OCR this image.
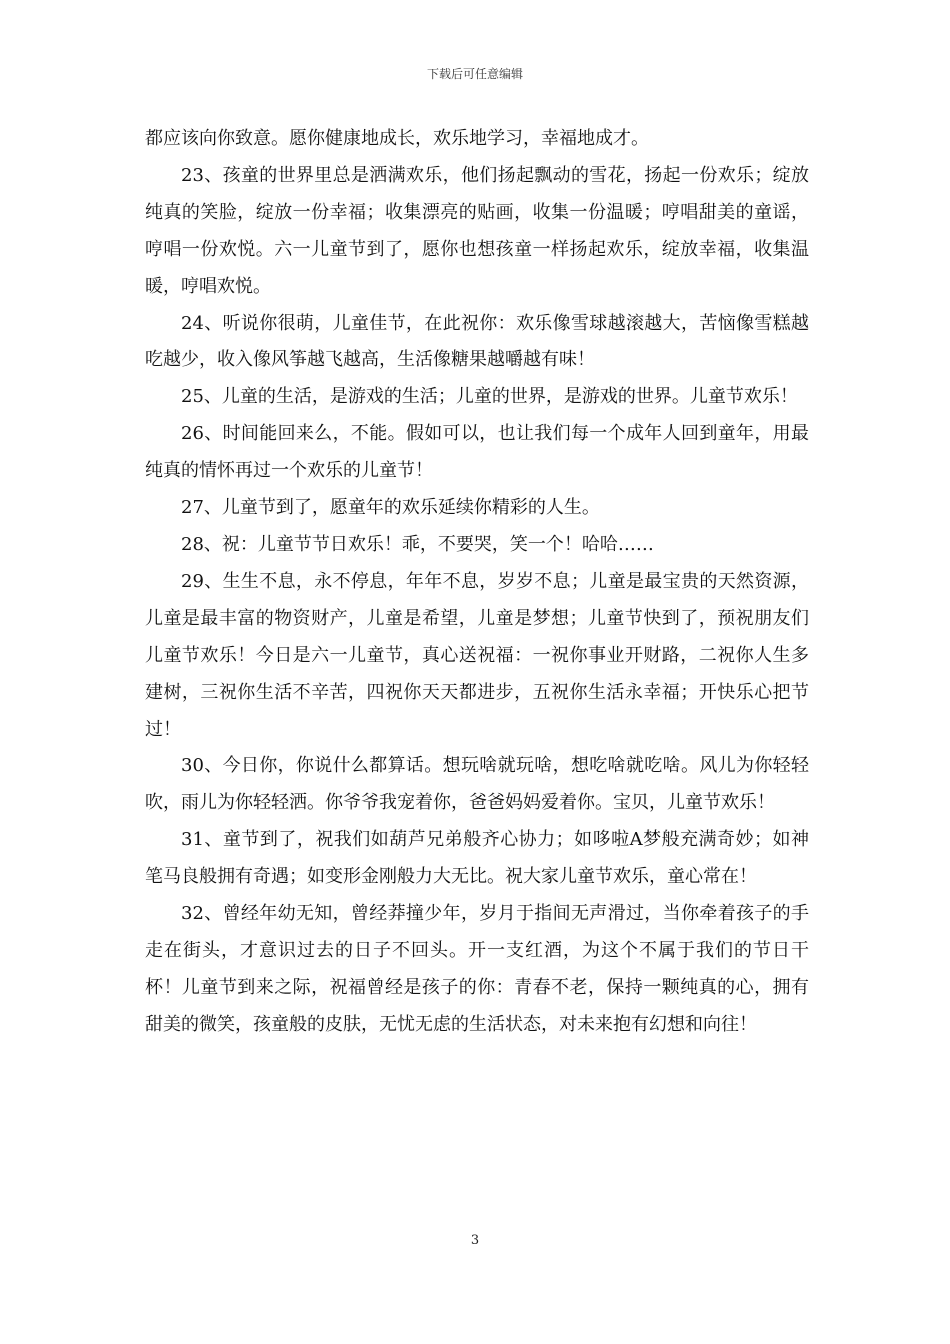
下载后可任意编辑

都应该向你致意。愿你健康地成长，欢乐地学习，幸福地成才。

23、孩童的世界里总是洒满欢乐，他们扬起飘动的雪花，扬起一份欢乐；绽放纯真的笑脸，绽放一份幸福；收集漂亮的贴画，收集一份温暖；哼唱甜美的童谣，哼唱一份欢悦。六一儿童节到了，愿你也想孩童一样扬起欢乐，绽放幸福，收集温暖，哼唱欢悦。

24、听说你很萌，儿童佳节，在此祝你：欢乐像雪球越滚越大，苦恼像雪糕越吃越少，收入像风筝越飞越高，生活像糖果越嚼越有味！

25、儿童的生活，是游戏的生活；儿童的世界，是游戏的世界。儿童节欢乐！

26、时间能回来么，不能。假如可以，也让我们每一个成年人回到童年，用最纯真的情怀再过一个欢乐的儿童节！

27、儿童节到了，愿童年的欢乐延续你精彩的人生。

28、祝：儿童节节日欢乐！乖，不要哭，笑一个！哈哈……

29、生生不息，永不停息，年年不息，岁岁不息；儿童是最宝贵的天然资源，儿童是最丰富的物资财产，儿童是希望，儿童是梦想；儿童节快到了，预祝朋友们儿童节欢乐！今日是六一儿童节，真心送祝福：一祝你事业开财路，二祝你人生多建树，三祝你生活不辛苦，四祝你天天都进步，五祝你生活永幸福；开快乐心把节过！

30、今日你，你说什么都算话。想玩啥就玩啥，想吃啥就吃啥。风儿为你轻轻吹，雨儿为你轻轻洒。你爷爷我宠着你，爸爸妈妈爱着你。宝贝，儿童节欢乐！

31、童节到了，祝我们如葫芦兄弟般齐心协力；如哆啦A梦般充满奇妙；如神笔马良般拥有奇遇；如变形金刚般力大无比。祝大家儿童节欢乐，童心常在！

32、曾经年幼无知，曾经莽撞少年，岁月于指间无声滑过，当你牵着孩子的手走在街头，才意识过去的日子不回头。开一支红酒，为这个不属于我们的节日干杯！儿童节到来之际，祝福曾经是孩子的你：青春不老，保持一颗纯真的心，拥有甜美的微笑，孩童般的皮肤，无忧无虑的生活状态，对未来抱有幻想和向往！

3
